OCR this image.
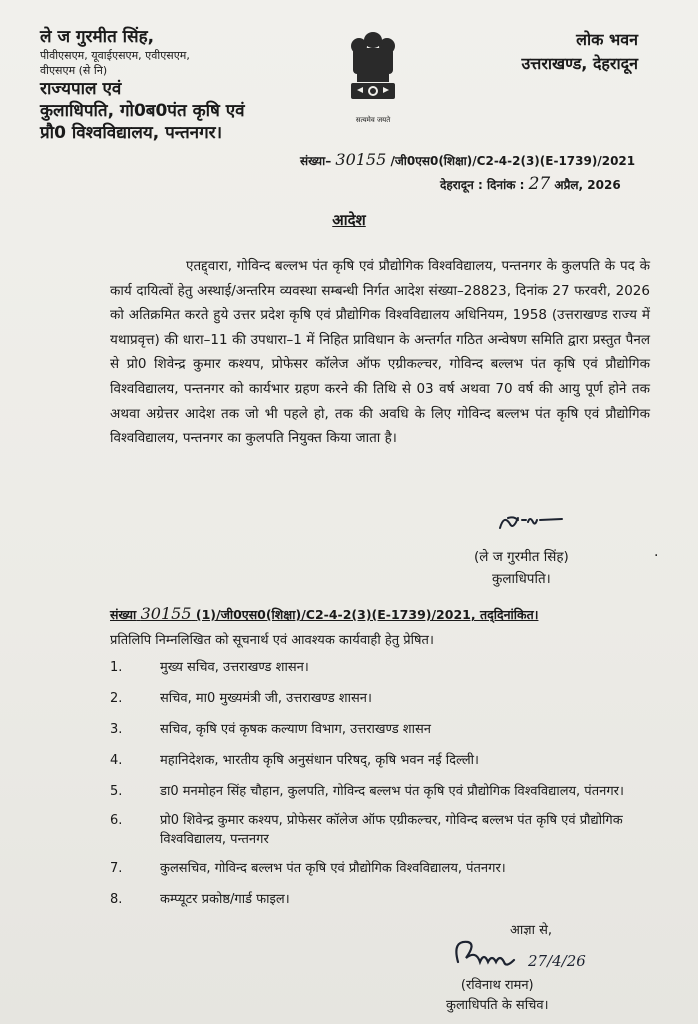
ले ज गुरमीत सिंह,
पीवीएसएम, यूवाईएसएम, एवीएसएम,
वीएसएम (से नि)
राज्यपाल एवं
कुलाधिपति, गो0ब0पंत कृषि एवं
प्रौ0 विश्वविद्यालय, पन्तनगर।
सत्यमेव जयते
लोक भवन
उत्तराखण्ड, देहरादून
संख्या– 30155 /जी0एस0(शिक्षा)/C2-4-2(3)(E-1739)/2021
देहरादून : दिनांक : 27 अप्रैल, 2026
आदेश

एतद्द्वारा, गोविन्द बल्लभ पंत कृषि एवं प्रौद्योगिक विश्वविद्यालय, पन्तनगर के कुलपति के पद के कार्य दायित्वों हेतु अस्थाई/अन्तरिम व्यवस्था सम्बन्धी निर्गत आदेश संख्या–28823, दिनांक 27 फरवरी, 2026 को अतिक्रमित करते हुये उत्तर प्रदेश कृषि एवं प्रौद्योगिक विश्वविद्यालय अधिनियम, 1958 (उत्तराखण्ड राज्य में यथाप्रवृत्त) की धारा–11 की उपधारा–1 में निहित प्राविधान के अन्तर्गत गठित अन्वेषण समिति द्वारा प्रस्तुत पैनल से प्रो0 शिवेन्द्र कुमार कश्यप, प्रोफेसर कॉलेज ऑफ एग्रीकल्चर, गोविन्द बल्लभ पंत कृषि एवं प्रौद्योगिक विश्वविद्यालय, पन्तनगर को कार्यभार ग्रहण करने की तिथि से 03 वर्ष अथवा 70 वर्ष की आयु पूर्ण होने तक अथवा अग्रेत्तर आदेश तक जो भी पहले हो, तक की अवधि के लिए गोविन्द बल्लभ पंत कृषि एवं प्रौद्योगिक विश्वविद्यालय, पन्तनगर का कुलपति नियुक्त किया जाता है।

·
(ले ज गुरमीत सिंह)
कुलाधिपति।
संख्या 30155 (1)/जी0एस0(शिक्षा)/C2-4-2(3)(E-1739)/2021, तद्‌दिनांकित।
प्रतिलिपि निम्नलिखित को सूचनार्थ एवं आवश्यक कार्यवाही हेतु प्रेषित।
1.	मुख्य सचिव, उत्तराखण्ड शासन।
2.	सचिव, मा0 मुख्यमंत्री जी, उत्तराखण्ड शासन।
3.	सचिव, कृषि एवं कृषक कल्याण विभाग, उत्तराखण्ड शासन
4.	महानिदेशक, भारतीय कृषि अनुसंधान परिषद्, कृषि भवन नई दिल्ली।
5.	डा0 मनमोहन सिंह चौहान, कुलपति, गोविन्द बल्लभ पंत कृषि एवं प्रौद्योगिक विश्वविद्यालय, पंतनगर।
6.	प्रो0 शिवेन्द्र कुमार कश्यप, प्रोफेसर कॉलेज ऑफ एग्रीकल्चर, गोविन्द बल्लभ पंत कृषि एवं प्रौद्योगिक विश्वविद्यालय, पन्तनगर
7.	कुलसचिव, गोविन्द बल्लभ पंत कृषि एवं प्रौद्योगिक विश्वविद्यालय, पंतनगर।
8.	कम्प्यूटर प्रकोष्ठ/गार्ड फाइल।
आज्ञा से,
27/4/26
(रविनाथ रामन)
कुलाधिपति के सचिव।
